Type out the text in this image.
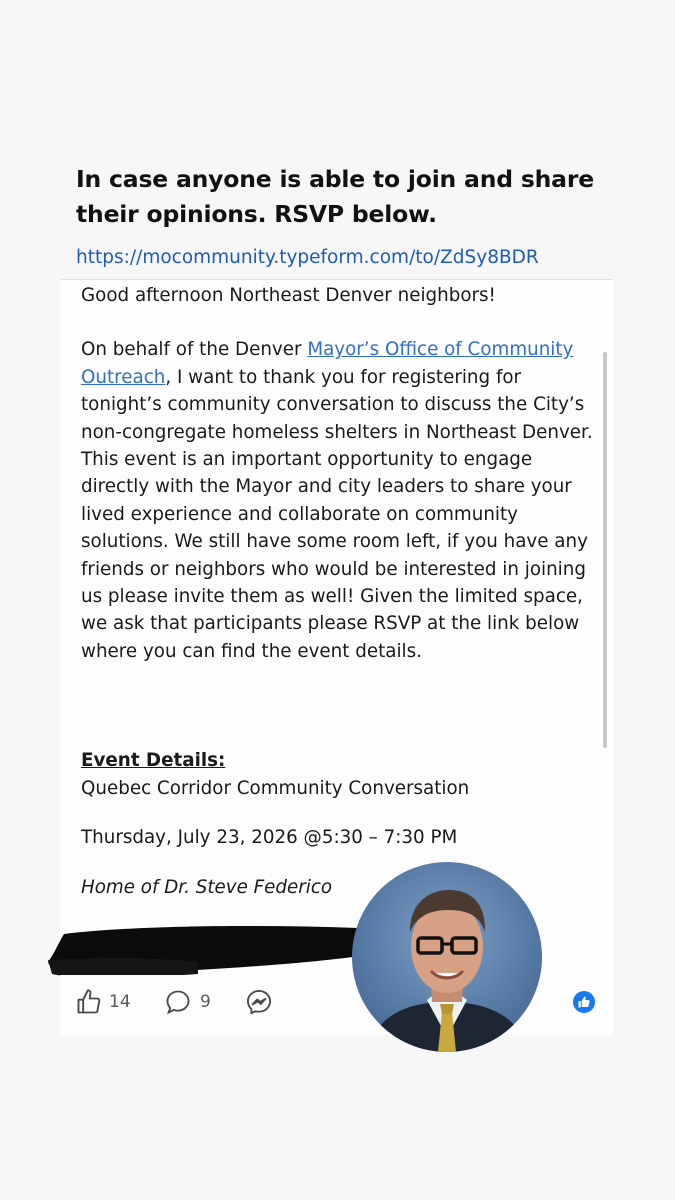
In case anyone is able to join and share their opinions. RSVP below.
https://mocommunity.typeform.com/to/ZdSy8BDR

Good afternoon Northeast Denver neighbors!

On behalf of the Denver Mayor’s Office of Community Outreach, I want to thank you for registering for tonight’s community conversation to discuss the City’s non-congregate homeless shelters in Northeast Denver. This event is an important opportunity to engage directly with the Mayor and city leaders to share your lived experience and collaborate on community solutions. We still have some room left, if you have any friends or neighbors who would be interested in joining us please invite them as well! Given the limited space, we ask that participants please RSVP at the link below where you can find the event details.

Event Details:

Quebec Corridor Community Conversation

Thursday, July 23, 2026 @5:30 – 7:30 PM

Home of Dr. Steve Federico

14	9
